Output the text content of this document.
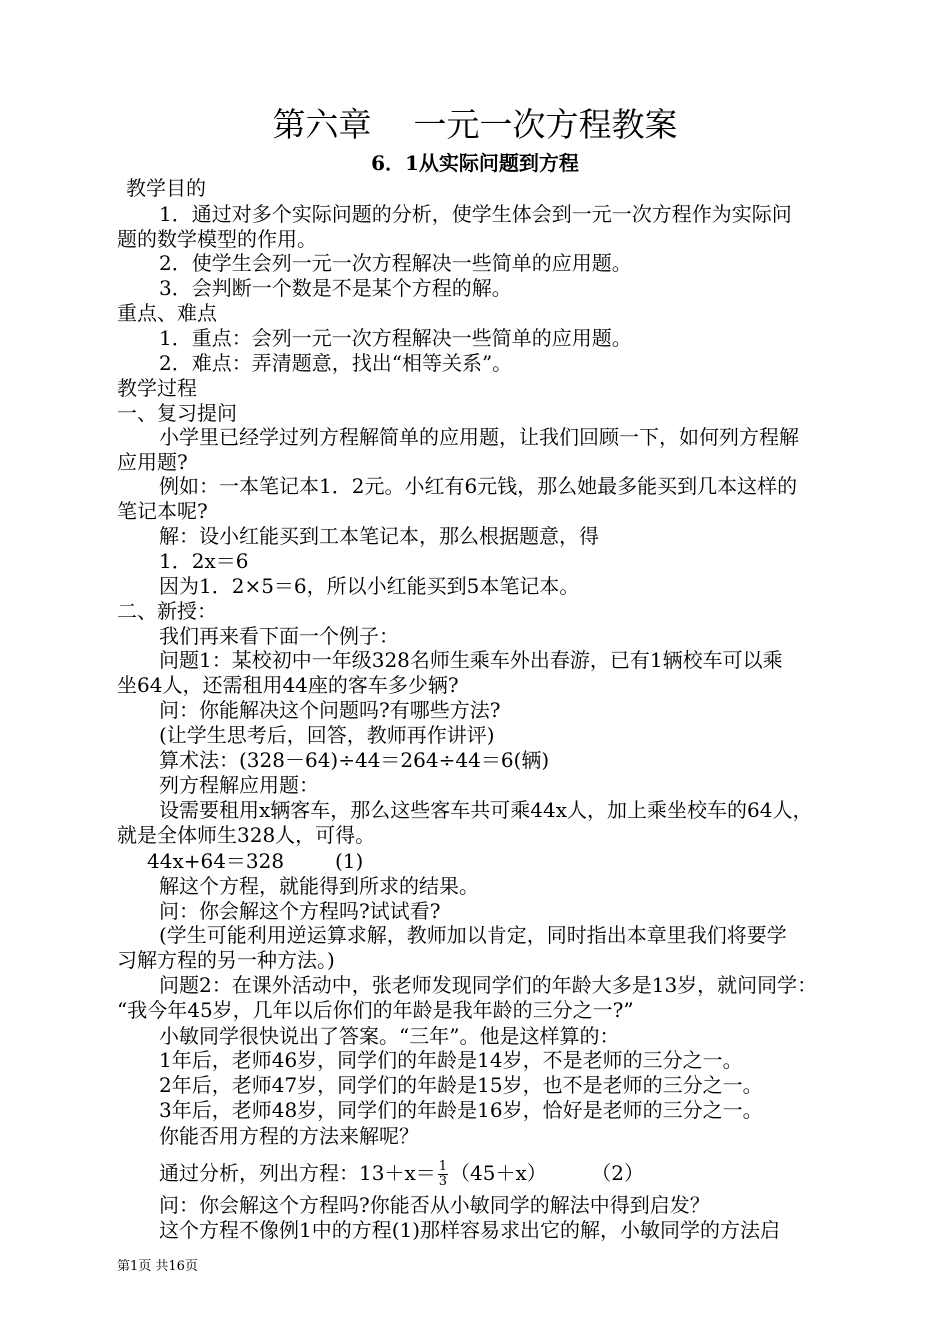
第六章    一元一次方程教案
6．1从实际问题到方程
教学目的
1．通过对多个实际问题的分析，使学生体会到一元一次方程作为实际问
题的数学模型的作用。
2．使学生会列一元一次方程解决一些简单的应用题。
3．会判断一个数是不是某个方程的解。
重点、难点
1．重点：会列一元一次方程解决一些简单的应用题。
2．难点：弄清题意，找出“相等关系”。
教学过程
一、复习提问
小学里已经学过列方程解简单的应用题，让我们回顾一下，如何列方程解
应用题?
例如：一本笔记本1．2元。小红有6元钱，那么她最多能买到几本这样的
笔记本呢?
解：设小红能买到工本笔记本，那么根据题意，得
1．2x＝6
因为1．2×5＝6，所以小红能买到5本笔记本。
二、新授：
我们再来看下面一个例子：
问题1：某校初中一年级328名师生乘车外出春游，已有1辆校车可以乘
坐64人，还需租用44座的客车多少辆?
问：你能解决这个问题吗?有哪些方法?
(让学生思考后，回答，教师再作讲评)
算术法：(328－64)÷44＝264÷44＝6(辆)
列方程解应用题：
设需要租用x辆客车，那么这些客车共可乘44x人，加上乘坐校车的64人，
就是全体师生328人，可得。
44x+64＝328        (1)
解这个方程，就能得到所求的结果。
问：你会解这个方程吗?试试看?
(学生可能利用逆运算求解，教师加以肯定，同时指出本章里我们将要学
习解方程的另一种方法。)
问题2：在课外活动中，张老师发现同学们的年龄大多是13岁，就问同学：
“我今年45岁，几年以后你们的年龄是我年龄的三分之一?”
小敏同学很快说出了答案。“三年”。他是这样算的：
1年后，老师46岁，同学们的年龄是14岁，不是老师的三分之一。
2年后，老师47岁，同学们的年龄是15岁，也不是老师的三分之一。
3年后，老师48岁，同学们的年龄是16岁，恰好是老师的三分之一。
你能否用方程的方法来解呢？
通过分析，列出方程：$13+x= \frac{1}{3} (45+x)$       （2）
问：你会解这个方程吗?你能否从小敏同学的解法中得到启发？
这个方程不像例1中的方程(1)那样容易求出它的解，小敏同学的方法启
第1页 共16页
